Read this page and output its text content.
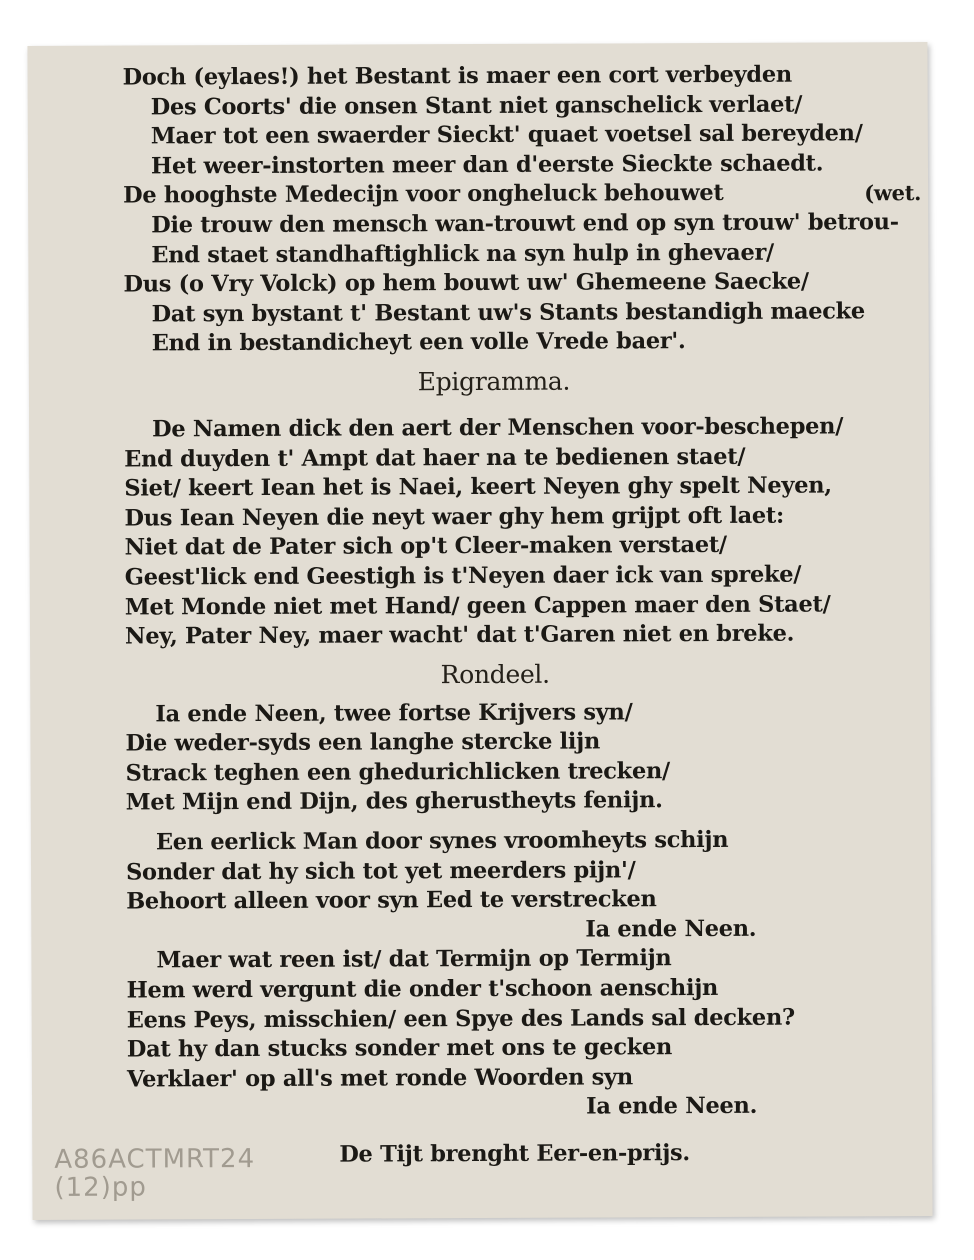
Doch (eylaes!) het Bestant is maer een cort verbeyden
Des Coorts' die onsen Stant niet ganschelick verlaet/
Maer tot een swaerder Sieckt' quaet voetsel sal bereyden/
Het weer-instorten meer dan d'eerste Sieckte schaedt.
De hooghste Medecijn voor ongheluck behouwet	(wet.
Die trouw den mensch wan-trouwt end op syn trouw' betrou-
End staet standhaftighlick na syn hulp in ghevaer/
Dus (o Vry Volck) op hem bouwt uw' Ghemeene Saecke/
Dat syn bystant t' Bestant uw's Stants bestandigh maecke
End in bestandicheyt een volle Vrede baer'.
Epigramma.
De Namen dick den aert der Menschen voor-beschepen/
End duyden t' Ampt dat haer na te bedienen staet/
Siet/ keert Iean het is Naei, keert Neyen ghy spelt Neyen,
Dus Iean Neyen die neyt waer ghy hem grijpt oft laet:
Niet dat de Pater sich op't Cleer-maken verstaet/
Geest'lick end Geestigh is t'Neyen daer ick van spreke/
Met Monde niet met Hand/ geen Cappen maer den Staet/
Ney, Pater Ney, maer wacht' dat t'Garen niet en breke.
Rondeel.
Ia ende Neen, twee fortse Krijvers syn/
Die weder-syds een langhe stercke lijn
Strack teghen een ghedurichlicken trecken/
Met Mijn end Dijn, des gherustheyts fenijn.
Een eerlick Man door synes vroomheyts schijn
Sonder dat hy sich tot yet meerders pijn'/
Behoort alleen voor syn Eed te verstrecken
Ia ende Neen.
Maer wat reen ist/ dat Termijn op Termijn
Hem werd vergunt die onder t'schoon aenschijn
Eens Peys, misschien/ een Spye des Lands sal decken?
Dat hy dan stucks sonder met ons te gecken
Verklaer' op all's met ronde Woorden syn
Ia ende Neen.
De Tijt brenght Eer-en-prijs.
A86ACTMRT24
(12)pp
